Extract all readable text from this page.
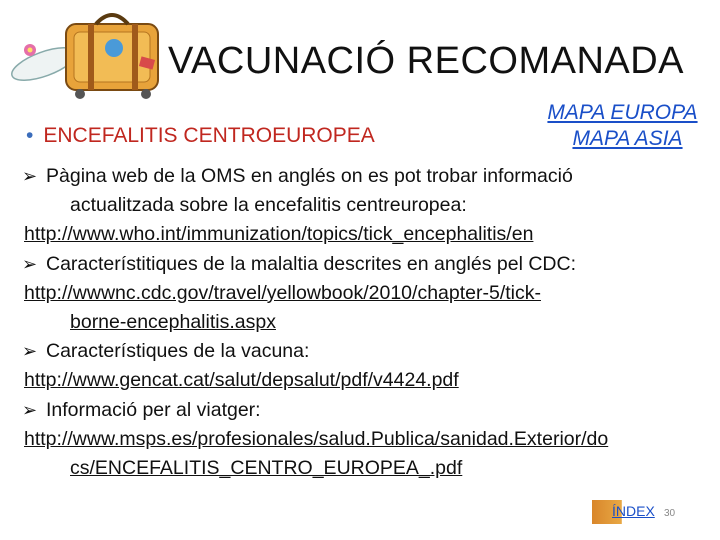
VACUNACIÓ RECOMANADA
• ENCEFALITIS CENTROEUROPEA
MAPA EUROPA
MAPA ASIA
➢ Pàgina web de la OMS en anglés on es pot trobar informació
actualitzada sobre la encefalitis centreuropea:
http://www.who.int/immunization/topics/tick_encephalitis/en
➢ Característitiques de la malaltia descrites en anglés pel CDC:
http://wwwnc.cdc.gov/travel/yellowbook/2010/chapter-5/tick-
borne-encephalitis.aspx
➢ Característiques de la vacuna:
http://www.gencat.cat/salut/depsalut/pdf/v4424.pdf
➢ Informació per al viatger:
http://www.msps.es/profesionales/salud.Publica/sanidad.Exterior/do
cs/ENCEFALITIS_CENTRO_EUROPEA_.pdf
ÍNDEX 30
